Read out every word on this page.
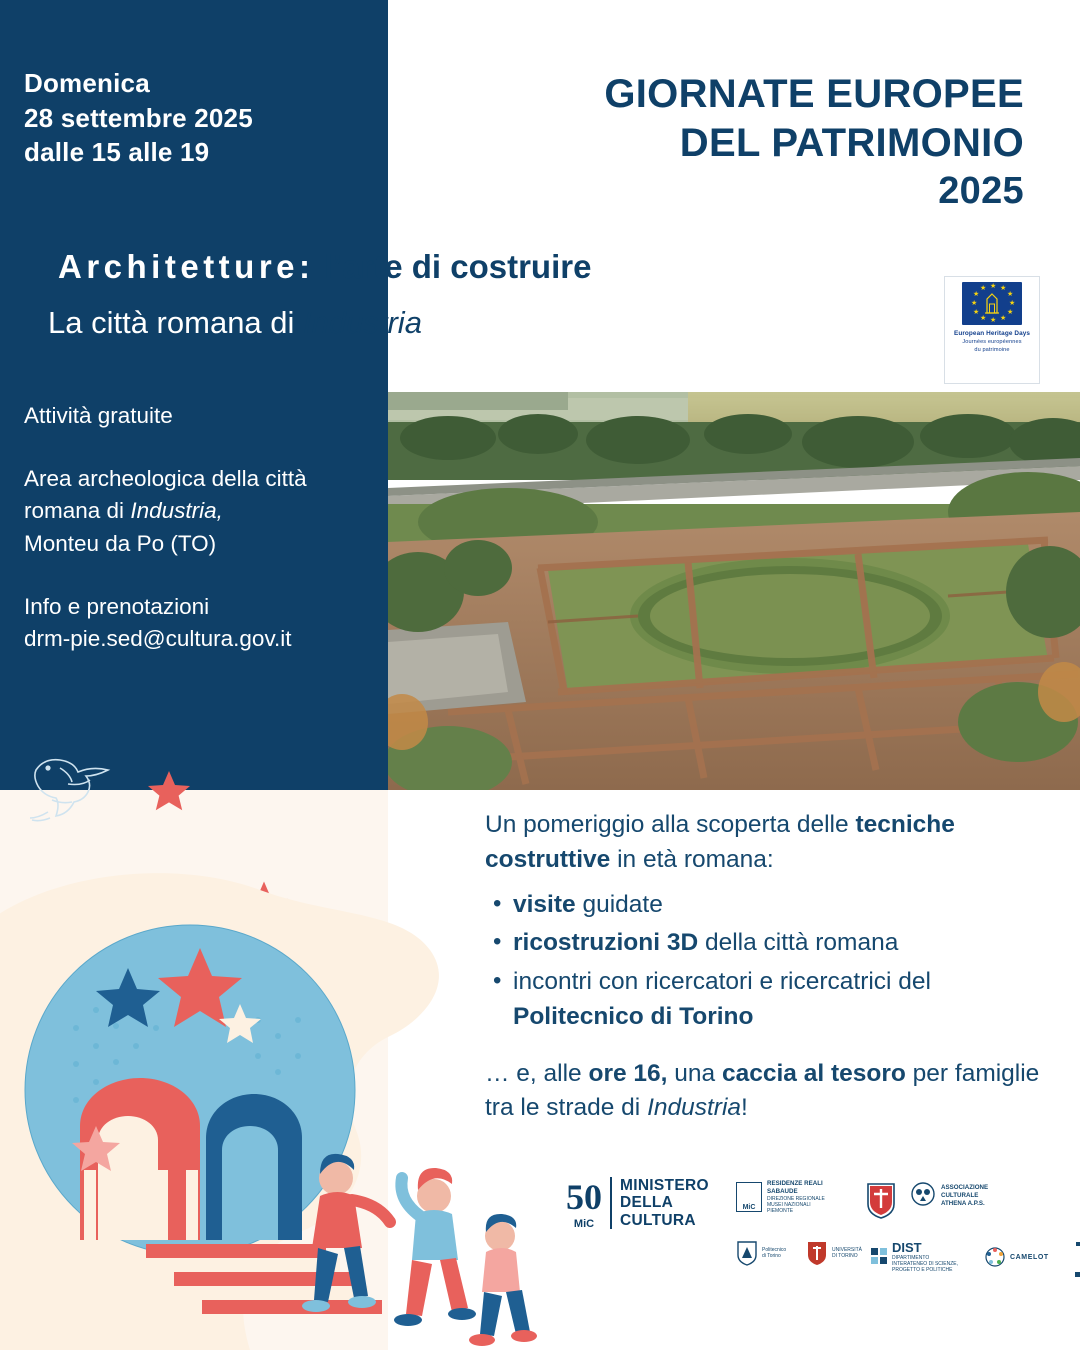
Domenica
28 settembre 2025
dalle 15 alle 19
GIORNATE EUROPEE
DEL PATRIMONIO
2025
★ ★
★
★
★
★
★
★
★
★
★
★
European Heritage Days
Journées européennes
du patrimoine
Architetture: l’arte di costruire
La città romana di Industria

Attività gratuite

Area archeologica della città
romana di Industria,
Monteu da Po (TO)

Info e prenotazioni
drm-pie.sed@cultura.gov.it

Un pomeriggio alla scoperta delle tecniche costruttive in età romana:
• visite guidate
• ricostruzioni 3D della città romana
• incontri con ricercatori e ricercatrici del Politecnico di Torino
… e, alle ore 16, una caccia al tesoro per famiglie tra le strade di Industria!
50
MiC
MINISTERO
DELLA
CULTURA
MiC
RESIDENZE REALI
SABAUDE
DIREZIONE REGIONALE
MUSEI NAZIONALI
PIEMONTE
ASSOCIAZIONE
CULTURALE
ATHENA A.P.S.
Politecnico
di Torino
UNIVERSITÀ
DI TORINO
DIST
DIPARTIMENTO
INTERATENEO DI SCIENZE,
PROGETTO E POLITICHE
CAMELOT
